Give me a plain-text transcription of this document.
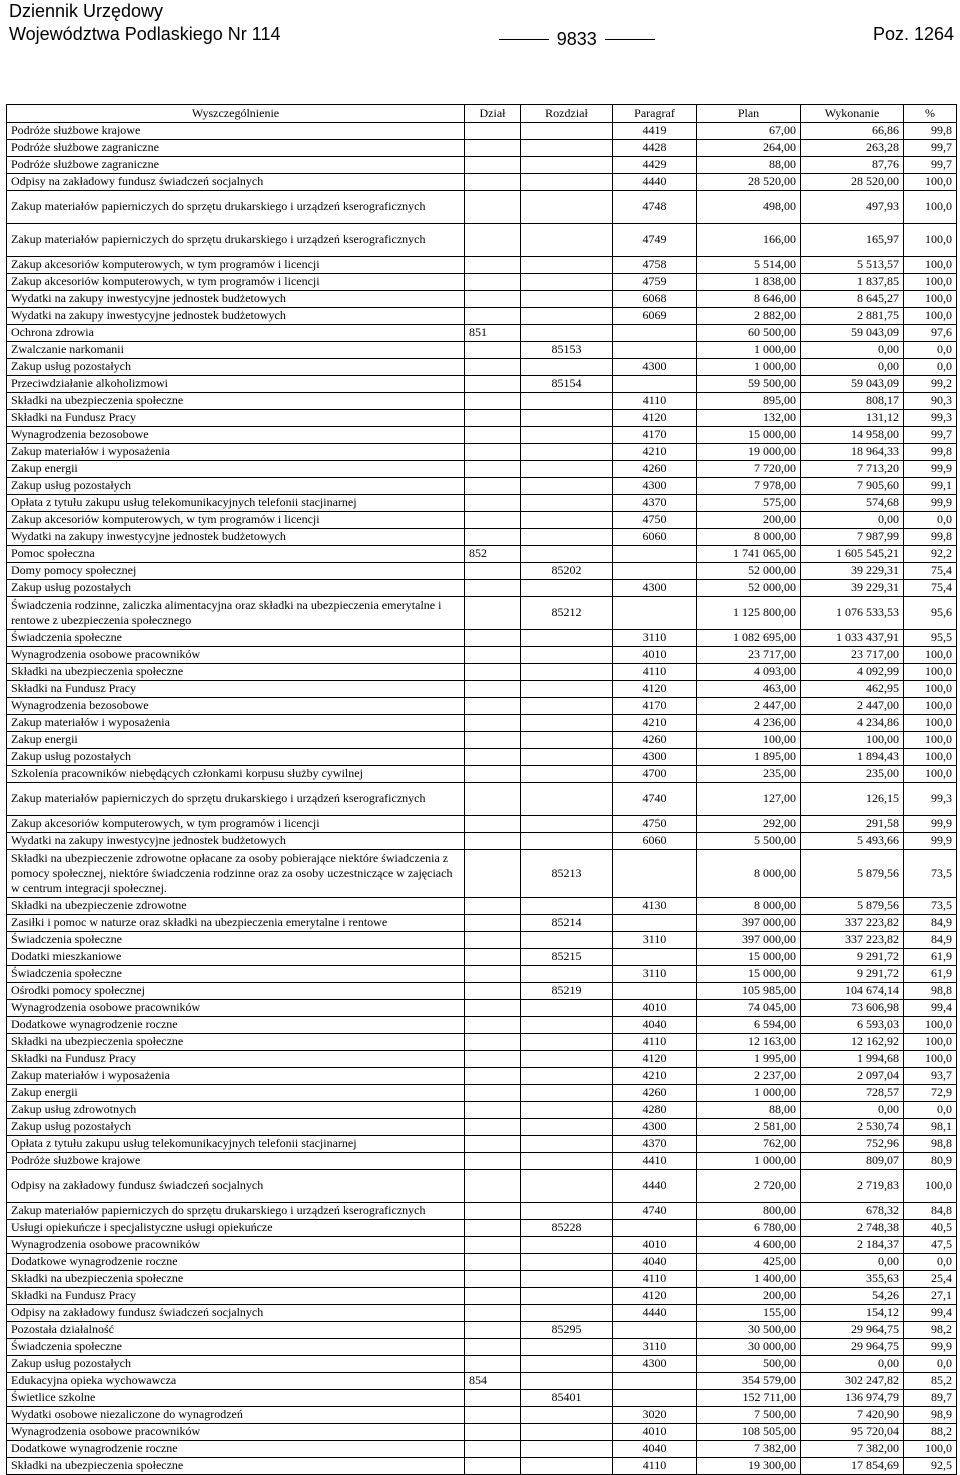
Dziennik Urzędowy
Województwa Podlaskiego Nr 114	9833	Poz. 1264
Wyszczególnienie	Dział	Rozdział	Paragraf	Plan	Wykonanie	%
Podróże służbowe krajowe			4419	67,00	66,86	99,8
Podróże służbowe zagraniczne			4428	264,00	263,28	99,7
Podróże służbowe zagraniczne			4429	88,00	87,76	99,7
Odpisy na zakładowy fundusz świadczeń socjalnych			4440	28 520,00	28 520,00	100,0
Zakup materiałów papierniczych do sprzętu drukarskiego i urządzeń kserograficznych			4748	498,00	497,93	100,0
Zakup materiałów papierniczych do sprzętu drukarskiego i urządzeń kserograficznych			4749	166,00	165,97	100,0
Zakup akcesoriów komputerowych, w tym programów i licencji			4758	5 514,00	5 513,57	100,0
Zakup akcesoriów komputerowych, w tym programów i licencji			4759	1 838,00	1 837,85	100,0
Wydatki na zakupy inwestycyjne jednostek budżetowych			6068	8 646,00	8 645,27	100,0
Wydatki na zakupy inwestycyjne jednostek budżetowych			6069	2 882,00	2 881,75	100,0
Ochrona zdrowia	851			60 500,00	59 043,09	97,6
Zwalczanie narkomanii		85153		1 000,00	0,00	0,0
Zakup usług pozostałych			4300	1 000,00	0,00	0,0
Przeciwdziałanie alkoholizmowi		85154		59 500,00	59 043,09	99,2
Składki na ubezpieczenia społeczne			4110	895,00	808,17	90,3
Składki na Fundusz Pracy			4120	132,00	131,12	99,3
Wynagrodzenia bezosobowe			4170	15 000,00	14 958,00	99,7
Zakup materiałów i wyposażenia			4210	19 000,00	18 964,33	99,8
Zakup energii			4260	7 720,00	7 713,20	99,9
Zakup usług pozostałych			4300	7 978,00	7 905,60	99,1
Opłata z tytułu zakupu usług telekomunikacyjnych telefonii stacjinarnej			4370	575,00	574,68	99,9
Zakup akcesoriów komputerowych, w tym programów i licencji			4750	200,00	0,00	0,0
Wydatki na zakupy inwestycyjne jednostek budżetowych			6060	8 000,00	7 987,99	99,8
Pomoc społeczna	852			1 741 065,00	1 605 545,21	92,2
Domy pomocy społecznej		85202		52 000,00	39 229,31	75,4
Zakup usług pozostałych			4300	52 000,00	39 229,31	75,4
Świadczenia rodzinne, zaliczka alimentacyjna oraz składki na ubezpieczenia emerytalne i rentowe z ubezpieczenia społecznego		85212		1 125 800,00	1 076 533,53	95,6
Świadczenia społeczne			3110	1 082 695,00	1 033 437,91	95,5
Wynagrodzenia osobowe pracowników			4010	23 717,00	23 717,00	100,0
Składki na ubezpieczenia społeczne			4110	4 093,00	4 092,99	100,0
Składki na Fundusz Pracy			4120	463,00	462,95	100,0
Wynagrodzenia bezosobowe			4170	2 447,00	2 447,00	100,0
Zakup materiałów i wyposażenia			4210	4 236,00	4 234,86	100,0
Zakup energii			4260	100,00	100,00	100,0
Zakup usług pozostałych			4300	1 895,00	1 894,43	100,0
Szkolenia pracowników niebędących członkami korpusu służby cywilnej			4700	235,00	235,00	100,0
Zakup materiałów papierniczych do sprzętu drukarskiego i urządzeń kserograficznych			4740	127,00	126,15	99,3
Zakup akcesoriów komputerowych, w tym programów i licencji			4750	292,00	291,58	99,9
Wydatki na zakupy inwestycyjne jednostek budżetowych			6060	5 500,00	5 493,66	99,9
Składki na ubezpieczenie zdrowotne opłacane za osoby pobierające niektóre świadczenia z pomocy społecznej, niektóre świadczenia rodzinne oraz za osoby uczestniczące w zajęciach w centrum integracji społecznej.		85213		8 000,00	5 879,56	73,5
Składki na ubezpieczenie zdrowotne			4130	8 000,00	5 879,56	73,5
Zasiłki i pomoc w naturze oraz składki na ubezpieczenia emerytalne i rentowe		85214		397 000,00	337 223,82	84,9
Świadczenia społeczne			3110	397 000,00	337 223,82	84,9
Dodatki mieszkaniowe		85215		15 000,00	9 291,72	61,9
Świadczenia społeczne			3110	15 000,00	9 291,72	61,9
Ośrodki pomocy społecznej		85219		105 985,00	104 674,14	98,8
Wynagrodzenia osobowe pracowników			4010	74 045,00	73 606,98	99,4
Dodatkowe wynagrodzenie roczne			4040	6 594,00	6 593,03	100,0
Składki na ubezpieczenia społeczne			4110	12 163,00	12 162,92	100,0
Składki na Fundusz Pracy			4120	1 995,00	1 994,68	100,0
Zakup materiałów i wyposażenia			4210	2 237,00	2 097,04	93,7
Zakup energii			4260	1 000,00	728,57	72,9
Zakup usług zdrowotnych			4280	88,00	0,00	0,0
Zakup usług pozostałych			4300	2 581,00	2 530,74	98,1
Opłata z tytułu zakupu usług telekomunikacyjnych telefonii stacjinarnej			4370	762,00	752,96	98,8
Podróże służbowe krajowe			4410	1 000,00	809,07	80,9
Odpisy na zakładowy fundusz świadczeń socjalnych			4440	2 720,00	2 719,83	100,0
Zakup materiałów papierniczych do sprzętu drukarskiego i urządzeń kserograficznych			4740	800,00	678,32	84,8
Usługi opiekuńcze i specjalistyczne usługi opiekuńcze		85228		6 780,00	2 748,38	40,5
Wynagrodzenia osobowe pracowników			4010	4 600,00	2 184,37	47,5
Dodatkowe wynagrodzenie roczne			4040	425,00	0,00	0,0
Składki na ubezpieczenia społeczne			4110	1 400,00	355,63	25,4
Składki na Fundusz Pracy			4120	200,00	54,26	27,1
Odpisy na zakładowy fundusz świadczeń socjalnych			4440	155,00	154,12	99,4
Pozostała działalność		85295		30 500,00	29 964,75	98,2
Świadczenia społeczne			3110	30 000,00	29 964,75	99,9
Zakup usług pozostałych			4300	500,00	0,00	0,0
Edukacyjna opieka wychowawcza	854			354 579,00	302 247,82	85,2
Świetlice szkolne		85401		152 711,00	136 974,79	89,7
Wydatki osobowe niezaliczone do wynagrodzeń			3020	7 500,00	7 420,90	98,9
Wynagrodzenia osobowe pracowników			4010	108 505,00	95 720,04	88,2
Dodatkowe wynagrodzenie roczne			4040	7 382,00	7 382,00	100,0
Składki na ubezpieczenia społeczne			4110	19 300,00	17 854,69	92,5
